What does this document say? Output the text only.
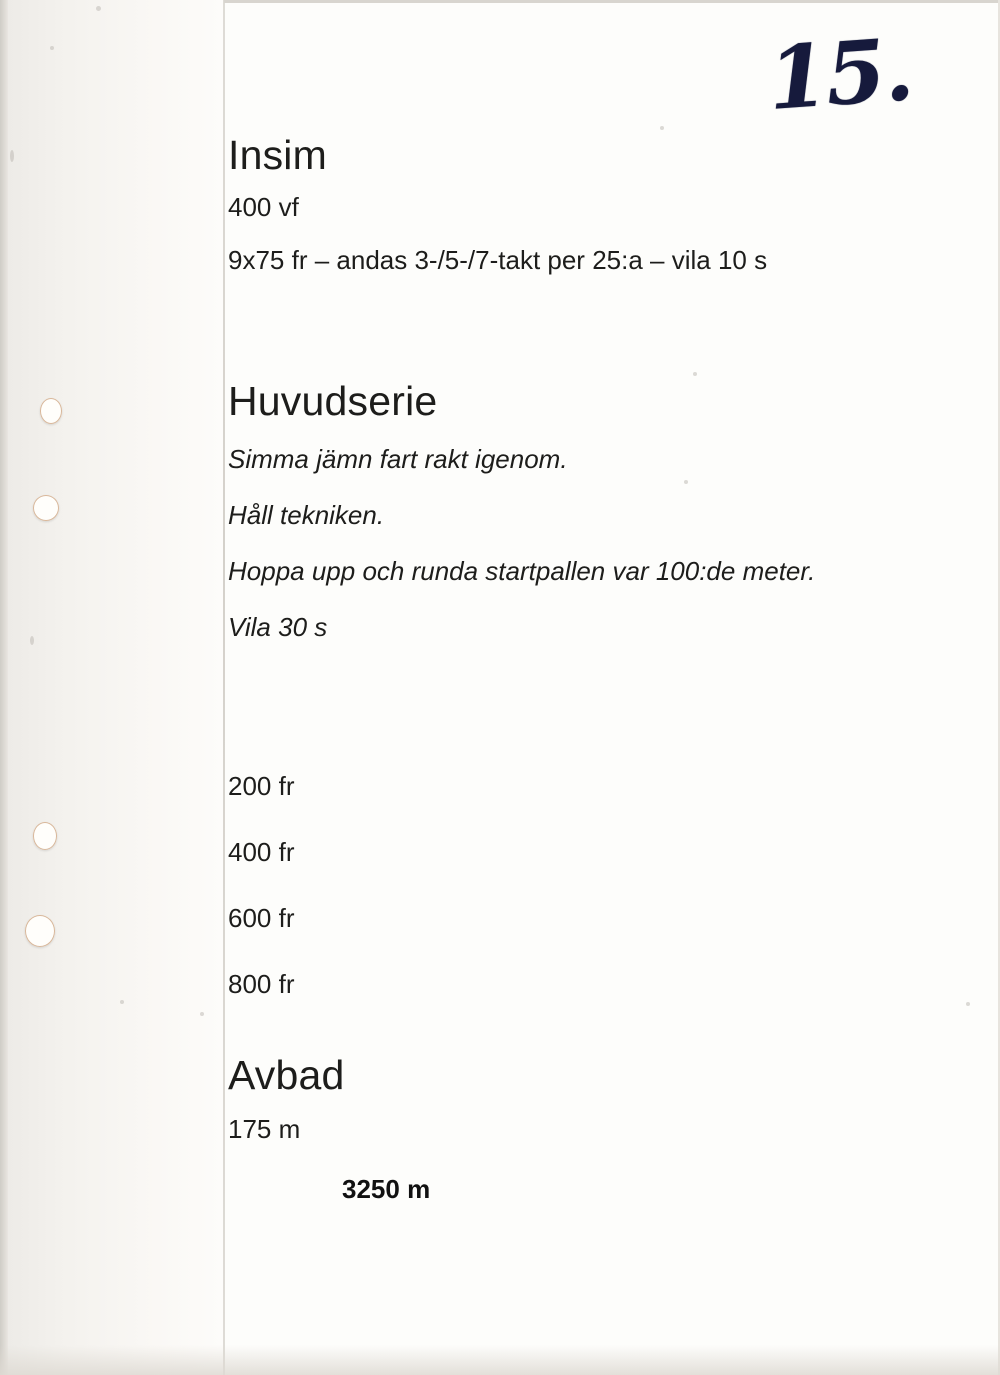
15.
Insim
400 vf
9x75 fr – andas 3-/5-/7-takt per 25:a – vila 10 s
Huvudserie
Simma jämn fart rakt igenom.
Håll tekniken.
Hoppa upp och runda startpallen var 100:de meter.
Vila 30 s
200 fr
400 fr
600 fr
800 fr
Avbad
175 m
3250 m
